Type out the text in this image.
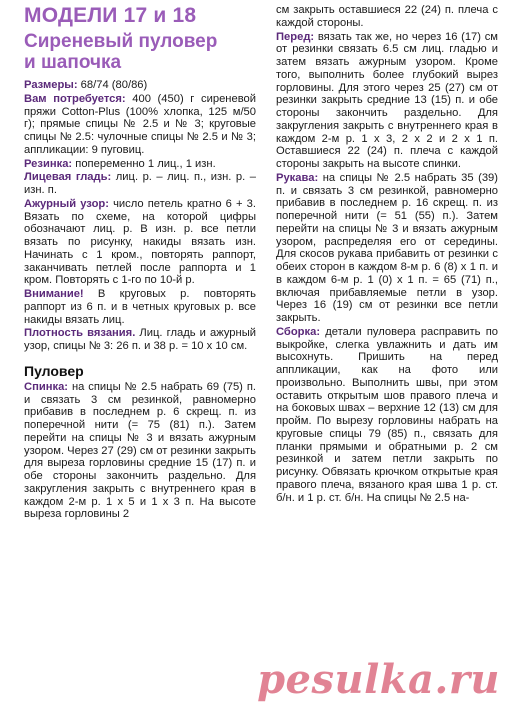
МОДЕЛИ 17 и 18
Сиреневый пуловер
и шапочка

Размеры: 68/74 (80/86)

Вам потребуется: 400 (450) г сиреневой пряжи Cotton-Plus (100% хлопка, 125 м/50 г); прямые спицы № 2.5 и № 3; круговые спицы № 2.5: чулочные спицы № 2.5 и № 3; аппликации: 9 пуговиц.

Резинка: попеременно 1 лиц., 1 изн.

Лицевая гладь: лиц. р. – лиц. п., изн. р. – изн. п.

Ажурный узор: число петель кратно 6 + 3. Вязать по схеме, на которой цифры обозначают лиц. р. В изн. р. все петли вязать по рисунку, накиды вязать изн. Начинать с 1 кром., повторять раппорт, заканчивать петлей после раппорта и 1 кром. Повторять с 1-го по 10-й р.

Внимание! В круговых р. повторять раппорт из 6 п. и в четных круговых р. все накиды вязать лиц.

Плотность вязания. Лиц. гладь и ажурный узор, спицы № 3: 26 п. и 38 р. = 10 х 10 см.

Пуловер

Спинка: на спицы № 2.5 набрать 69 (75) п. и связать 3 см резинкой, равномерно прибавив в последнем р. 6 скрещ. п. из поперечной нити (= 75 (81) п.). Затем перейти на спицы № 3 и вязать ажурным узором. Через 27 (29) см от резинки закрыть для выреза горловины средние 15 (17) п. и обе стороны закончить раздельно. Для закругления закрыть с внутреннего края в каждом 2-м р. 1 х 5 и 1 х 3 п. На высоте выреза горловины 2

см закрыть оставшиеся 22 (24) п. плеча с каждой стороны.

Перед: вязать так же, но через 16 (17) см от резинки связать 6.5 см лиц. гладью и затем вязать ажурным узором. Кроме того, выполнить более глубокий вырез горловины. Для этого через 25 (27) см от резинки закрыть средние 13 (15) п. и обе стороны закончить раздельно. Для закругления закрыть с внутреннего края в каждом 2-м р. 1 х 3, 2 х 2 и 2 х 1 п. Оставшиеся 22 (24) п. плеча с каждой стороны закрыть на высоте спинки.

Рукава: на спицы № 2.5 набрать 35 (39) п. и связать 3 см резинкой, равномерно прибавив в последнем р. 16 скрещ. п. из поперечной нити (= 51 (55) п.). Затем перейти на спицы № 3 и вязать ажурным узором, распределяя его от середины. Для скосов рукава прибавить от резинки с обеих сторон в каждом 8-м р. 6 (8) х 1 п. и в каждом 6-м р. 1 (0) х 1 п. = 65 (71) п., включая прибавляемые петли в узор. Через 16 (19) см от резинки все петли закрыть.

Сборка: детали пуловера расправить по выкройке, слегка увлажнить и дать им высохнуть. Пришить на перед аппликации, как на фото или произвольно. Выполнить швы, при этом оставить открытым шов правого плеча и на боковых швах – верхние 12 (13) см для пройм. По вырезу горловины набрать на круговые спицы 79 (85) п., связать для планки прямыми и обратными р. 2 см резинкой и затем петли закрыть по рисунку. Обвязать крючком открытые края правого плеча, вязаного края шва 1 р. ст. б/н. и 1 р. ст. б/н. На спицы № 2.5 на-

pesulka.ru
